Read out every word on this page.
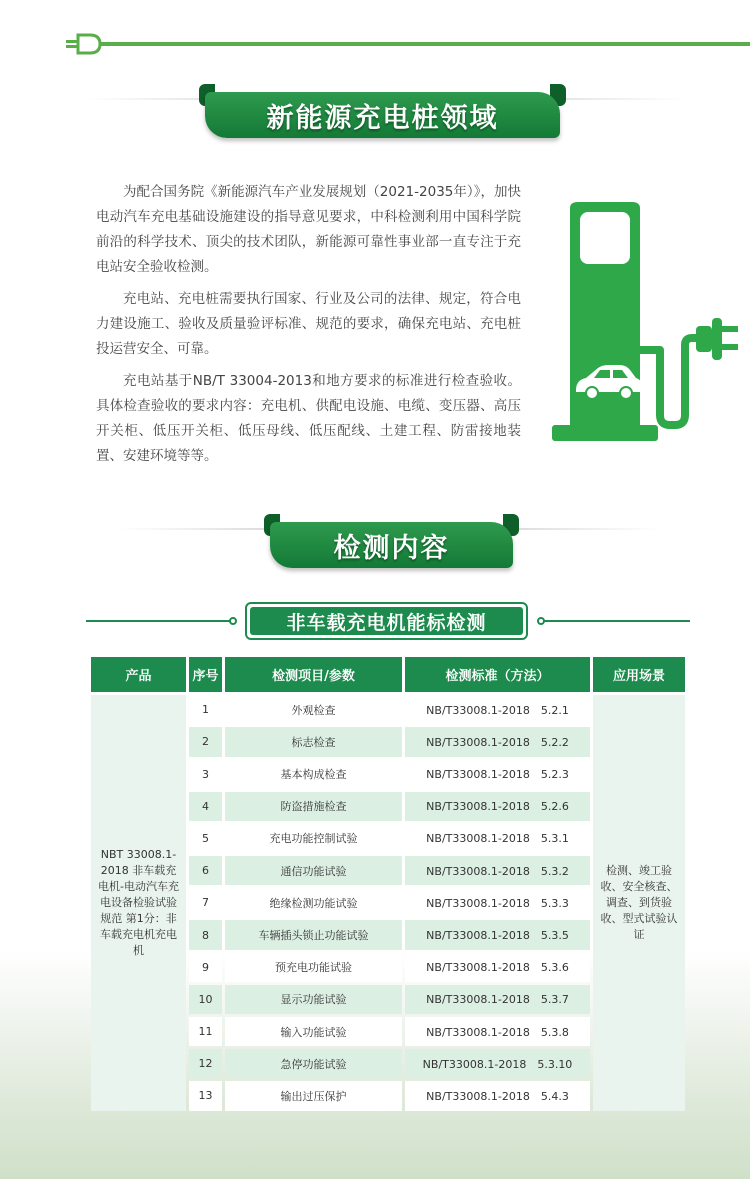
新能源充电桩领域

为配合国务院《新能源汽车产业发展规划（2021-2035年）》，加快电动汽车充电基础设施建设的指导意见要求，中科检测利用中国科学院前沿的科学技术、顶尖的技术团队，新能源可靠性事业部一直专注于充电站安全验收检测。

充电站、充电桩需要执行国家、行业及公司的法律、规定，符合电力建设施工、验收及质量验评标准、规范的要求，确保充电站、充电桩投运营安全、可靠。

充电站基于NB/T 33004-2013和地方要求的标准进行检查验收。具体检查验收的要求内容：充电机、供配电设施、电缆、变压器、高压开关柜、低压开关柜、低压母线、低压配线、土建工程、防雷接地装置、安建环境等等。

检测内容
非车载充电机能标检测
产品	序号	检测项目/参数	检测标准（方法）	应用场景
NBT 33008.1-2018 非车载充电机-电动汽车充电设备检验试验规范 第1分：非车载充电机充电机
1	外观检查	NB/T33008.1-2018　5.2.1
2	标志检查	NB/T33008.1-2018　5.2.2
3	基本构成检查	NB/T33008.1-2018　5.2.3
4	防盗措施检查	NB/T33008.1-2018　5.2.6
5	充电功能控制试验	NB/T33008.1-2018　5.3.1
6	通信功能试验	NB/T33008.1-2018　5.3.2
7	绝缘检测功能试验	NB/T33008.1-2018　5.3.3
8	车辆插头锁止功能试验	NB/T33008.1-2018　5.3.5
9	预充电功能试验	NB/T33008.1-2018　5.3.6
10	显示功能试验	NB/T33008.1-2018　5.3.7
11	输入功能试验	NB/T33008.1-2018　5.3.8
12	急停功能试验	NB/T33008.1-2018　5.3.10
13	输出过压保护	NB/T33008.1-2018　5.4.3
检测、竣工验收、安全核查、调查、到货验收、型式试验认证
